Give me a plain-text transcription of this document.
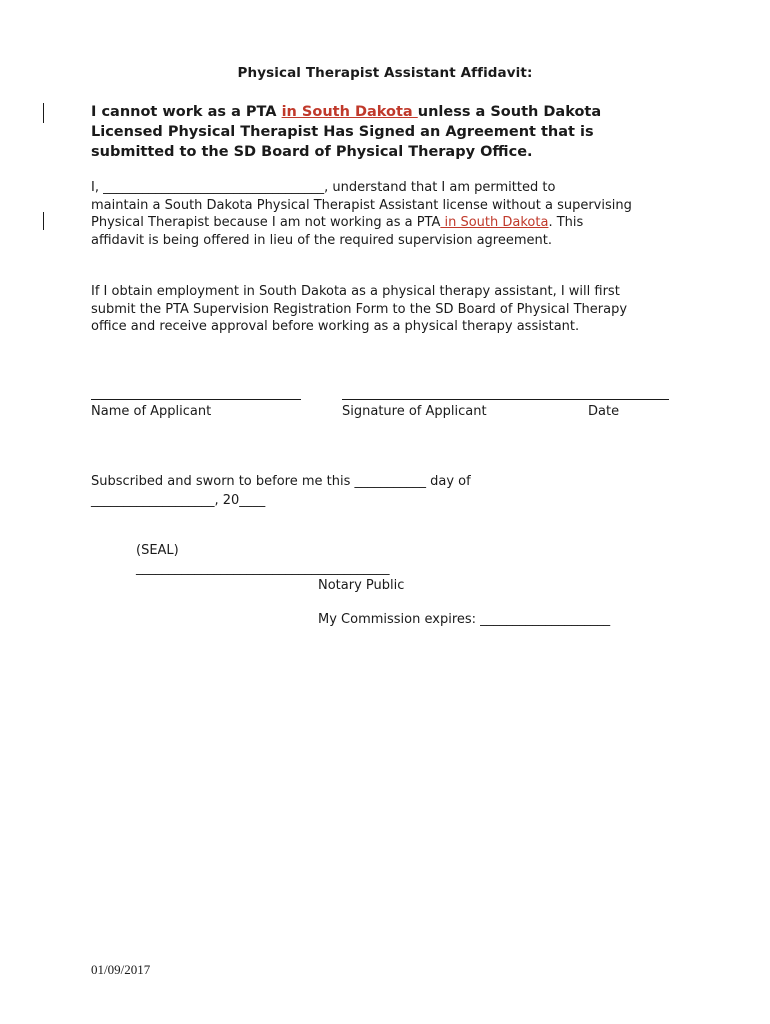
Physical Therapist Assistant Affidavit:
I cannot work as a PTA in South Dakota unless a South Dakota
Licensed Physical Therapist Has Signed an Agreement that is
submitted to the SD Board of Physical Therapy Office.
I, __________________________________, understand that I am permitted to
maintain a South Dakota Physical Therapist Assistant license without a supervising
Physical Therapist because I am not working as a PTA in South Dakota. This
affidavit is being offered in lieu of the required supervision agreement.
If I obtain employment in South Dakota as a physical therapy assistant, I will first
submit the PTA Supervision Registration Form to the SD Board of Physical Therapy
office and receive approval before working as a physical therapy assistant.
Name of Applicant	Signature of Applicant	Date
Subscribed and sworn to before me this ___________ day of
___________________, 20____
(SEAL)
_______________________________________
Notary Public
My Commission expires: ____________________
01/09/2017
